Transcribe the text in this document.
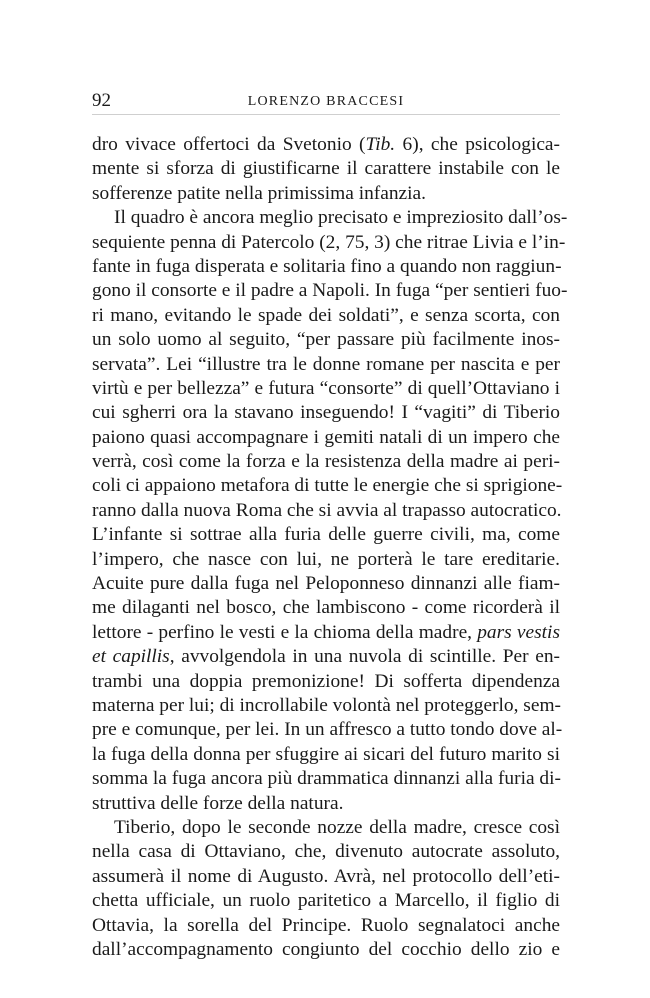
92	LORENZO BRACCESI
dro vivace offertoci da Svetonio (Tib. 6), che psicologica-
mente si sforza di giustificarne il carattere instabile con le
sofferenze patite nella primissima infanzia.
Il quadro è ancora meglio precisato e impreziosito dall’os-
sequiente penna di Patercolo (2, 75, 3) che ritrae Livia e l’in-
fante in fuga disperata e solitaria fino a quando non raggiun-
gono il consorte e il padre a Napoli. In fuga “per sentieri fuo-
ri mano, evitando le spade dei soldati”, e senza scorta, con
un solo uomo al seguito, “per passare più facilmente inos-
servata”. Lei “illustre tra le donne romane per nascita e per
virtù e per bellezza” e futura “consorte” di quell’Ottaviano i
cui sgherri ora la stavano inseguendo! I “vagiti” di Tiberio
paiono quasi accompagnare i gemiti natali di un impero che
verrà, così come la forza e la resistenza della madre ai peri-
coli ci appaiono metafora di tutte le energie che si sprigione-
ranno dalla nuova Roma che si avvia al trapasso autocratico.
L’infante si sottrae alla furia delle guerre civili, ma, come
l’impero, che nasce con lui, ne porterà le tare ereditarie.
Acuite pure dalla fuga nel Peloponneso dinnanzi alle fiam-
me dilaganti nel bosco, che lambiscono - come ricorderà il
lettore - perfino le vesti e la chioma della madre, pars vestis
et capillis, avvolgendola in una nuvola di scintille. Per en-
trambi una doppia premonizione! Di sofferta dipendenza
materna per lui; di incrollabile volontà nel proteggerlo, sem-
pre e comunque, per lei. In un affresco a tutto tondo dove al-
la fuga della donna per sfuggire ai sicari del futuro marito si
somma la fuga ancora più drammatica dinnanzi alla furia di-
struttiva delle forze della natura.
Tiberio, dopo le seconde nozze della madre, cresce così
nella casa di Ottaviano, che, divenuto autocrate assoluto,
assumerà il nome di Augusto. Avrà, nel protocollo dell’eti-
chetta ufficiale, un ruolo paritetico a Marcello, il figlio di
Ottavia, la sorella del Principe. Ruolo segnalatoci anche
dall’accompagnamento congiunto del cocchio dello zio e
